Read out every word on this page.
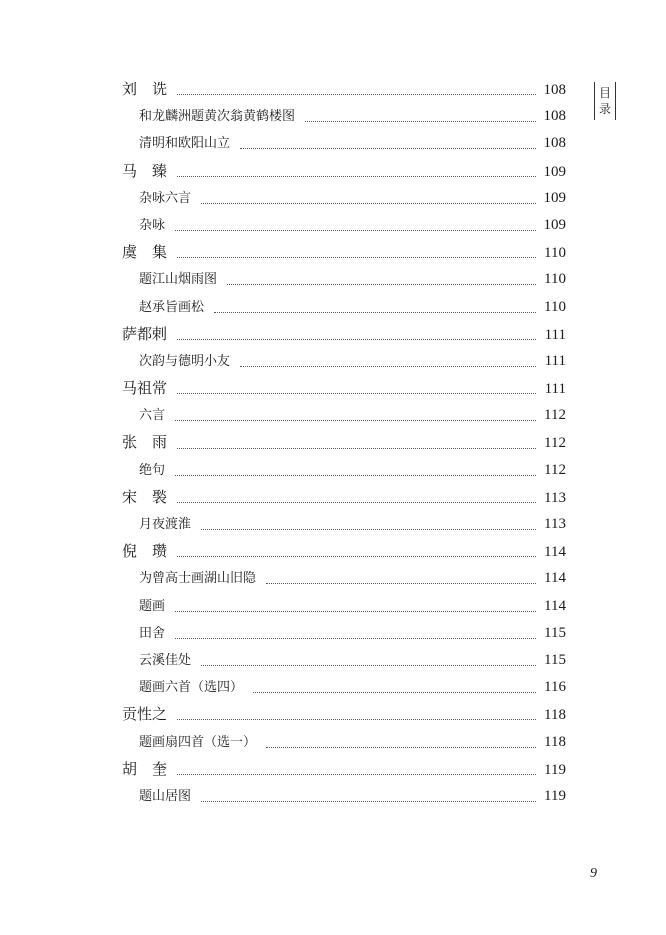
刘　诜	108
和龙麟洲题黄次翁黄鹤楼图	108
清明和欧阳山立	108
马　臻	109
杂咏六言	109
杂咏	109
虞　集	110
题江山烟雨图	110
赵承旨画松	110
萨都剌	111
次韵与德明小友	111
马祖常	111
六言	112
张　雨	112
绝句	112
宋　褧	113
月夜渡淮	113
倪　瓒	114
为曾高士画湖山旧隐	114
题画	114
田舍	115
云溪佳处	115
题画六首（选四）	116
贡性之	118
题画扇四首（选一）	118
胡　奎	119
题山居图	119
目
录
9
